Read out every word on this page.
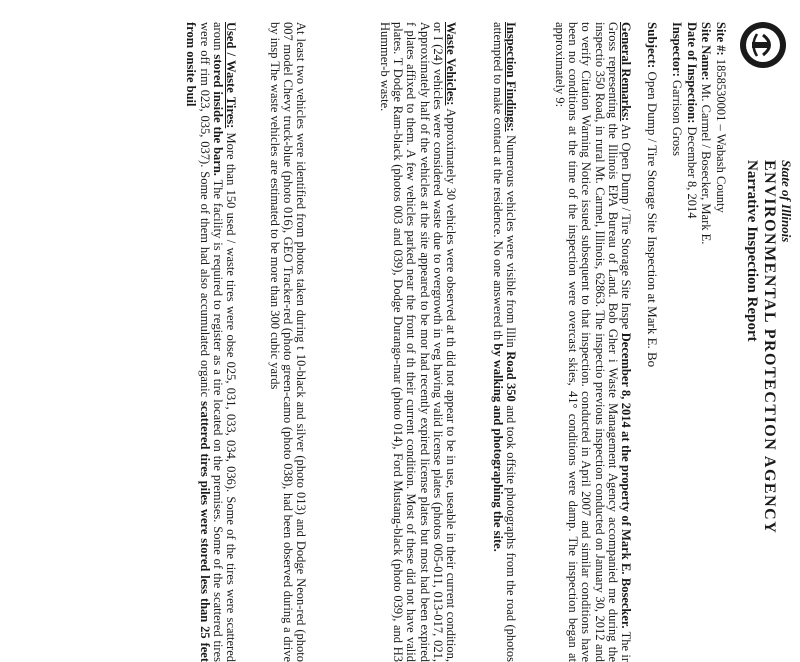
State of Illinois

ENVIRONMENTAL PROTECTION AGENCY

Narrative Inspection Report

Site #: 1858530001 – Wabash County
Site Name: Mt. Carmel / Bosecker, Mark E.
Date of Inspection: December 8, 2014
Inspector: Garrison Gross
Subject: Open Dump / Tire Storage Site Inspection at Mark E. Bo
General Remarks: An Open Dump / Tire Storage Site Inspe December 8, 2014 at the property of Mark E. Bosecker. The ir Gross representing the Illinois EPA Bureau of Land. Bob Gher i Waste Management Agency accompanied me during the inspectio 350 Road, in rural Mt. Carmel, Illinois, 62863. The inspectio previous inspection conducted on January 30, 2012 and to verify Citation Warning Notice issued subsequent to that inspection. conducted in April 2007 and similar conditions have been no conditions at the time of the inspection were overcast skies, 41° conditions were damp. The inspection began at approximately 9:
Inspection Findings: Numerous vehicles were visible from Illin Road 350 and took offsite photographs from the road (photos attempted to make contact at the residence. No one answered th by walking and photographing the site.
Waste Vehicles: Approximately 30 vehicles were observed at th did not appear to be in use, useable in their current condition, or I (24) vehicles were considered waste due to overgrowth in veg having valid license plates (photos 005-011, 013-017, 021, Approximately half of the vehicles at the site appeared to be mor had recently expired license plates but most had been expired f plates affixed to them. A few vehicles parked near the front of th their current condition. Most of these did not have valid plates. T Dodge Ram-black (photos 003 and 039), Dodge Durango-mar (photo 014), Ford Mustang-black (photo 039), and H3 Hummer-b waste.
At least two vehicles were identified from photos taken during t 10-black and silver (photo 013) and Dodge Neon-red (photo 007 model Chevy truck-blue (photo 016), GEO Tracker-red (photo green-camo (photo 038), had been observed during a drive by insp The waste vehicles are estimated to be more than 300 cubic yards
Used / Waste Tires: More than 150 used / waste tires were obse 025, 031, 033, 034, 036). Some of the tires were scattered aroun stored inside the barn. The facility is required to register as a tire located on the premises. Some of the scattered tires were off rim 023, 035, 037). Some of them had also accumulated organic scattered tires piles were stored less than 25 feet from onsite buil
